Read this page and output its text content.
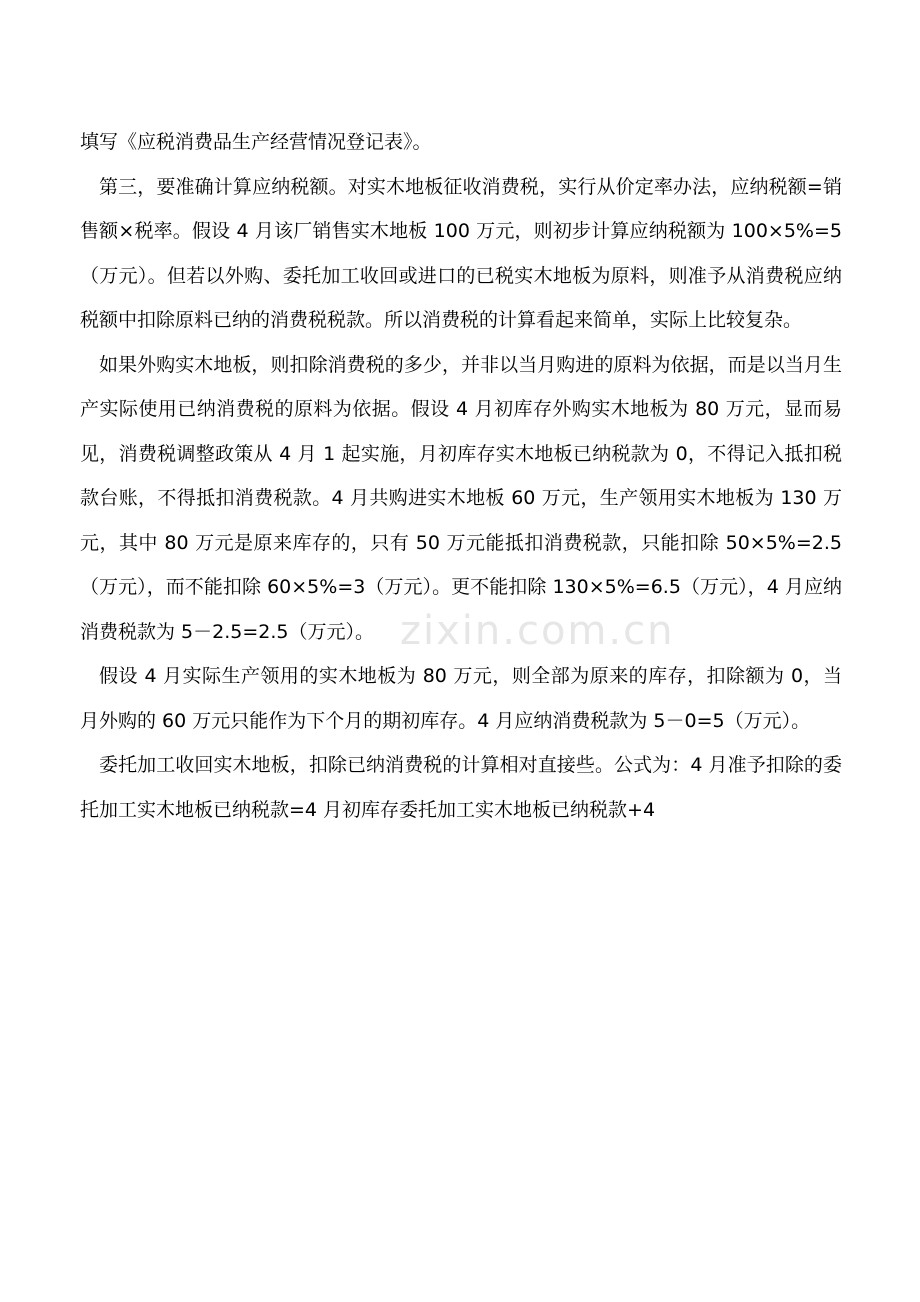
zixin.com.cn

填写《应税消费品生产经营情况登记表》。

第三，要准确计算应纳税额。对实木地板征收消费税，实行从价定率办法，应纳税额=销售额×税率。假设 4 月该厂销售实木地板 100 万元，则初步计算应纳税额为 100×5%=5（万元）。但若以外购、委托加工收回或进口的已税实木地板为原料，则准予从消费税应纳税额中扣除原料已纳的消费税税款。所以消费税的计算看起来简单，实际上比较复杂。

如果外购实木地板，则扣除消费税的多少，并非以当月购进的原料为依据，而是以当月生产实际使用已纳消费税的原料为依据。假设 4 月初库存外购实木地板为 80 万元，显而易见，消费税调整政策从 4 月 1 起实施，月初库存实木地板已纳税款为 0，不得记入抵扣税款台账，不得抵扣消费税款。4 月共购进实木地板 60 万元，生产领用实木地板为 130 万元，其中 80 万元是原来库存的，只有 50 万元能抵扣消费税款，只能扣除 50×5%=2.5（万元），而不能扣除 60×5%=3（万元）。更不能扣除 130×5%=6.5（万元），4 月应纳消费税款为 5－2.5=2.5（万元）。

假设 4 月实际生产领用的实木地板为 80 万元，则全部为原来的库存，扣除额为 0，当月外购的 60 万元只能作为下个月的期初库存。4 月应纳消费税款为 5－0=5（万元）。

委托加工收回实木地板，扣除已纳消费税的计算相对直接些。公式为：4 月准予扣除的委托加工实木地板已纳税款=4 月初库存委托加工实木地板已纳税款+4
